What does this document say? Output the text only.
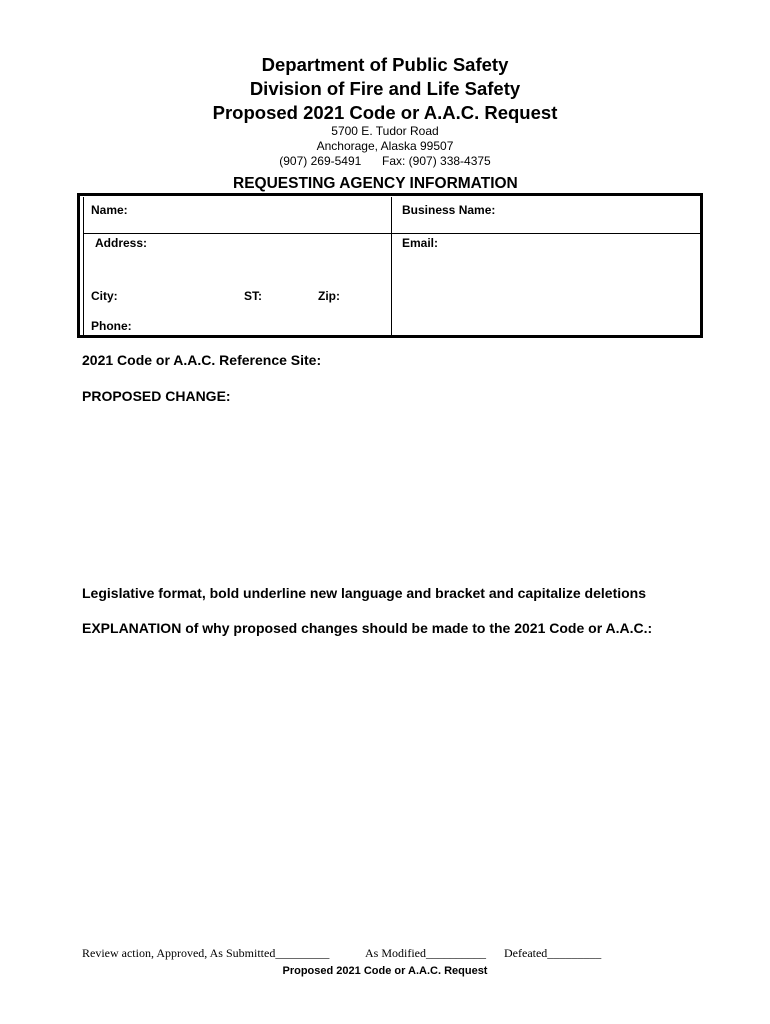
Department of Public Safety
Division of Fire and Life Safety
Proposed 2021 Code or A.A.C. Request
5700 E. Tudor Road
Anchorage, Alaska 99507
(907) 269-5491 Fax: (907) 338-4375
REQUESTING AGENCY INFORMATION
Name:	Business Name:
Address:	Email:
City:	ST:	Zip:
Phone:
2021 Code or A.A.C. Reference Site:
PROPOSED CHANGE:
Legislative format, bold underline new language and bracket and capitalize deletions
EXPLANATION of why proposed changes should be made to the 2021 Code or A.A.C.:
Review action, Approved, As Submitted_________	As Modified__________ Defeated_________
Proposed 2021 Code or A.A.C. Request
